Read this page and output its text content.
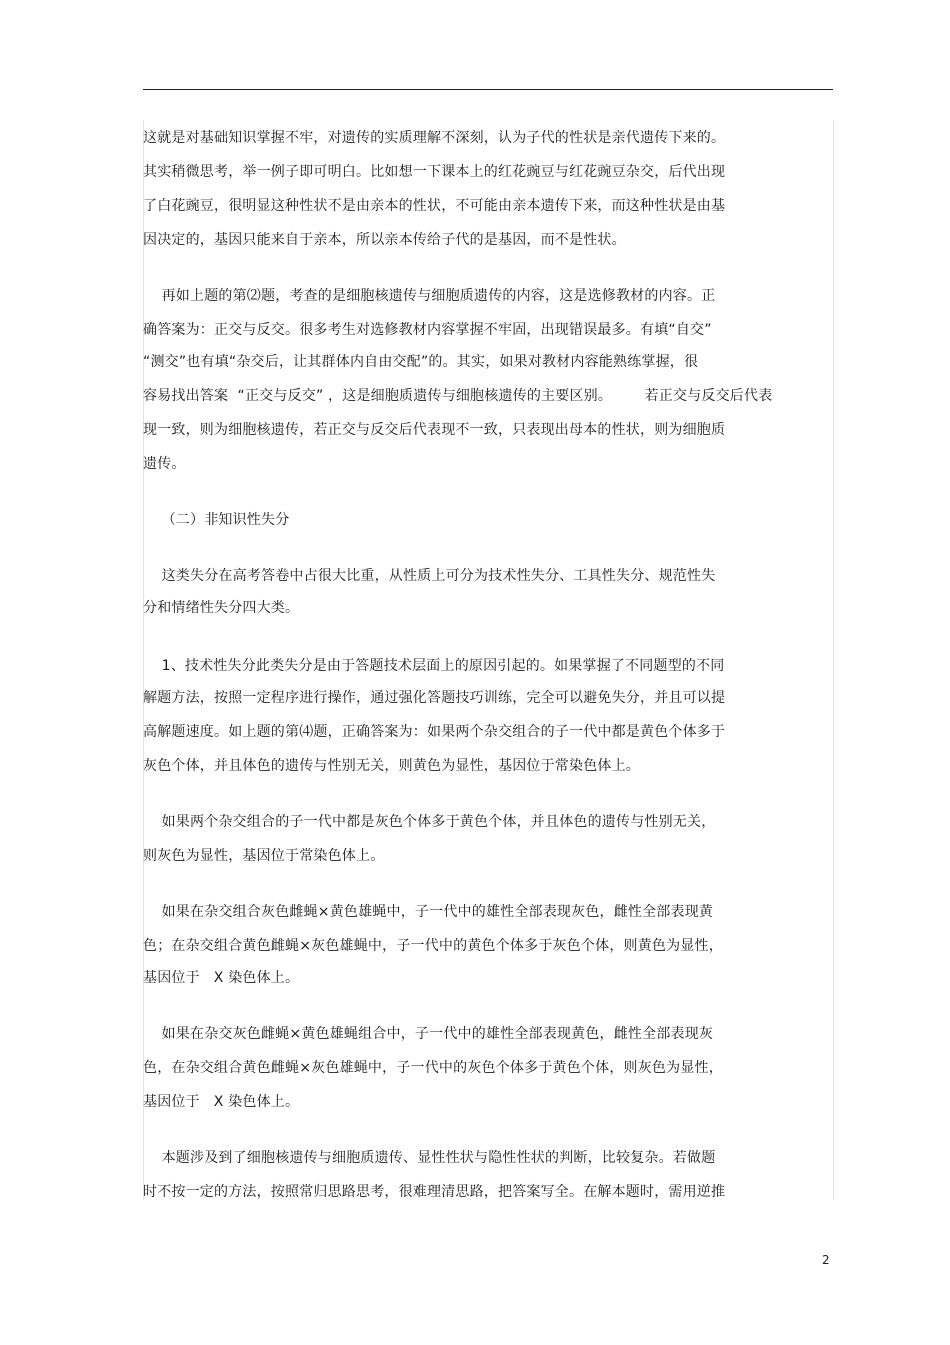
这就是对基础知识掌握不牢，对遗传的实质理解不深刻，认为子代的性状是亲代遗传下来的。
其实稍微思考，举一例子即可明白。比如想一下课本上的红花豌豆与红花豌豆杂交，后代出现
了白花豌豆，很明显这种性状不是由亲本的性状，不可能由亲本遗传下来，而这种性状是由基
因决定的，基因只能来自于亲本，所以亲本传给子代的是基因，而不是性状。
再如上题的第⑵题，考查的是细胞核遗传与细胞质遗传的内容，这是选修教材的内容。正
确答案为：正交与反交。很多考生对选修教材内容掌握不牢固，出现错误最多。有填“自交”
“测交”也有填“杂交后，让其群体内自由交配”的。其实，如果对教材内容能熟练掌握，很
容易找出答案  “正交与反交” ，这是细胞质遗传与细胞核遗传的主要区别。       若正交与反交后代表
现一致，则为细胞核遗传，若正交与反交后代表现不一致，只表现出母本的性状，则为细胞质
遗传。
（二）非知识性失分
这类失分在高考答卷中占很大比重，从性质上可分为技术性失分、工具性失分、规范性失
分和情绪性失分四大类。
1、技术性失分此类失分是由于答题技术层面上的原因引起的。如果掌握了不同题型的不同
解题方法，按照一定程序进行操作，通过强化答题技巧训练，完全可以避免失分，并且可以提
高解题速度。如上题的第⑷题，正确答案为：如果两个杂交组合的子一代中都是黄色个体多于
灰色个体，并且体色的遗传与性别无关，则黄色为显性，基因位于常染色体上。
如果两个杂交组合的子一代中都是灰色个体多于黄色个体，并且体色的遗传与性别无关，
则灰色为显性，基因位于常染色体上。
如果在杂交组合灰色雌蝇×黄色雄蝇中，子一代中的雄性全部表现灰色，雌性全部表现黄
色；在杂交组合黄色雌蝇×灰色雄蝇中，子一代中的黄色个体多于灰色个体，则黄色为显性，
基因位于   X 染色体上。
如果在杂交灰色雌蝇×黄色雄蝇组合中，子一代中的雄性全部表现黄色，雌性全部表现灰
色，在杂交组合黄色雌蝇×灰色雄蝇中，子一代中的灰色个体多于黄色个体，则灰色为显性，
基因位于   X 染色体上。
本题涉及到了细胞核遗传与细胞质遗传、显性性状与隐性性状的判断，比较复杂。若做题
时不按一定的方法，按照常归思路思考，很难理清思路，把答案写全。在解本题时，需用逆推
2
